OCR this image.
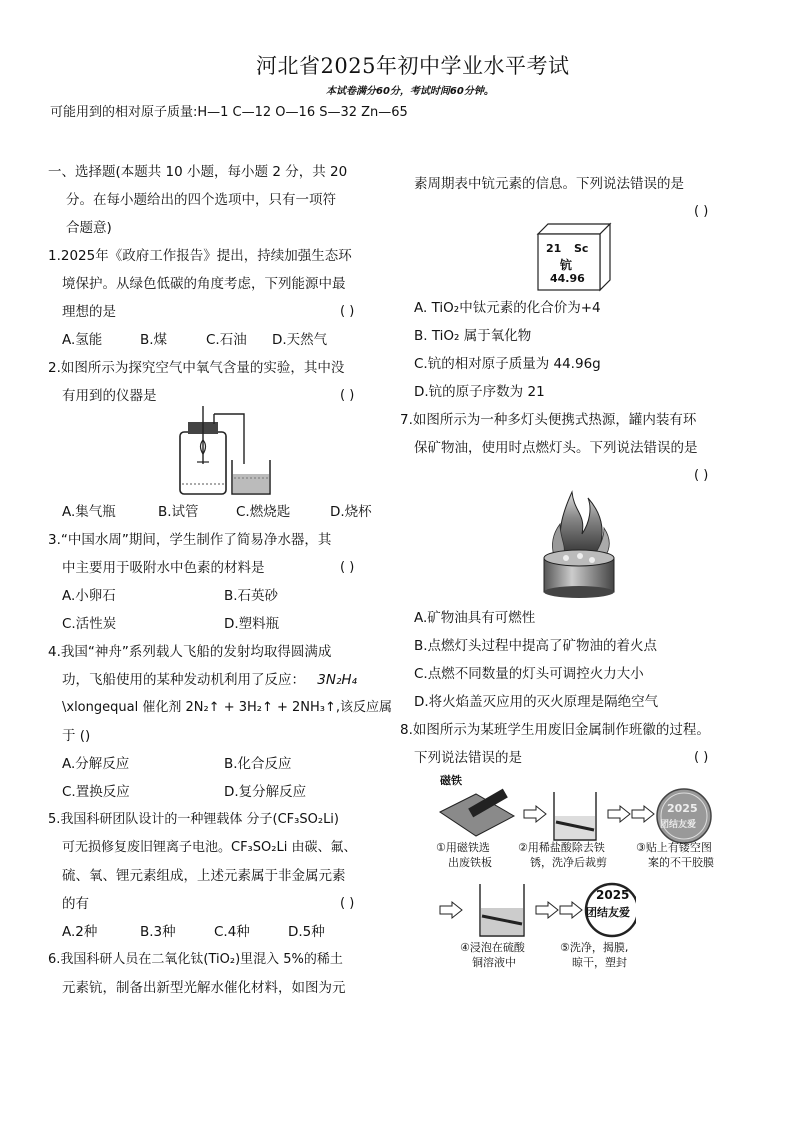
河北省2025年初中学业水平考试
本试卷满分60分，考试时间60分钟。
可能用到的相对原子质量:H—1 C—12 O—16 S—32 Zn—65
一、选择题(本题共 10 小题，每小题 2 分，共 20
分。在每小题给出的四个选项中，只有一项符
合题意)
1.2025年《政府工作报告》提出，持续加强生态环
境保护。从绿色低碳的角度考虑，下列能源中最
理想的是	( )
A.氢能	B.煤	C.石油 D.天然气
2.如图所示为探究空气中氧气含量的实验，其中没
有用到的仪器是	( )
A.集气瓶	B.试管	C.燃烧匙	D.烧杯
3.“中国水周”期间，学生制作了简易净水器，其
中主要用于吸附水中色素的材料是	( )
A.小卵石	B.石英砂
C.活性炭	D.塑料瓶
4.我国“神舟”系列载人飞船的发射均取得圆满成
功，飞船使用的某种发动机利用了反应： 3N₂H₄
\xlongequal 催化剂 2N₂↑ + 3H₂↑ + 2NH₃↑,该反应属
于 ()
A.分解反应	B.化合反应
C.置换反应	D.复分解反应
5.我国科研团队设计的一种锂载体 分子(CF₃SO₂Li)
可无损修复废旧锂离子电池。CF₃SO₂Li 由碳、氟、
硫、氧、锂元素组成，上述元素属于非金属元素
的有	( )
A.2种	B.3种	C.4种	D.5种
6.我国科研人员在二氧化钛(TiO₂)里混入 5%的稀土
元素钪，制备出新型光解水催化材料，如图为元
素周期表中钪元素的信息。下列说法错误的是
( )
21 Sc
钪
44.96
A. TiO₂中钛元素的化合价为+4
B. TiO₂ 属于氧化物
C.钪的相对原子质量为 44.96g
D.钪的原子序数为 21
7.如图所示为一种多灯头便携式热源，罐内装有环
保矿物油，使用时点燃灯头。下列说法错误的是
( )
A.矿物油具有可燃性
B.点燃灯头过程中提高了矿物油的着火点
C.点燃不同数量的灯头可调控火力大小
D.将火焰盖灭应用的灭火原理是隔绝空气
8.如图所示为某班学生用废旧金属制作班徽的过程。
下列说法错误的是	( )
磁铁
2025
团结友爱
①用磁铁选
出废铁板
②用稀盐酸除去铁
锈，洗净后裁剪
③贴上有镂空图
案的不干胶膜
2025
团结友爱
④浸泡在硫酸
铜溶液中
⑤洗净，揭膜,
晾干，塑封
